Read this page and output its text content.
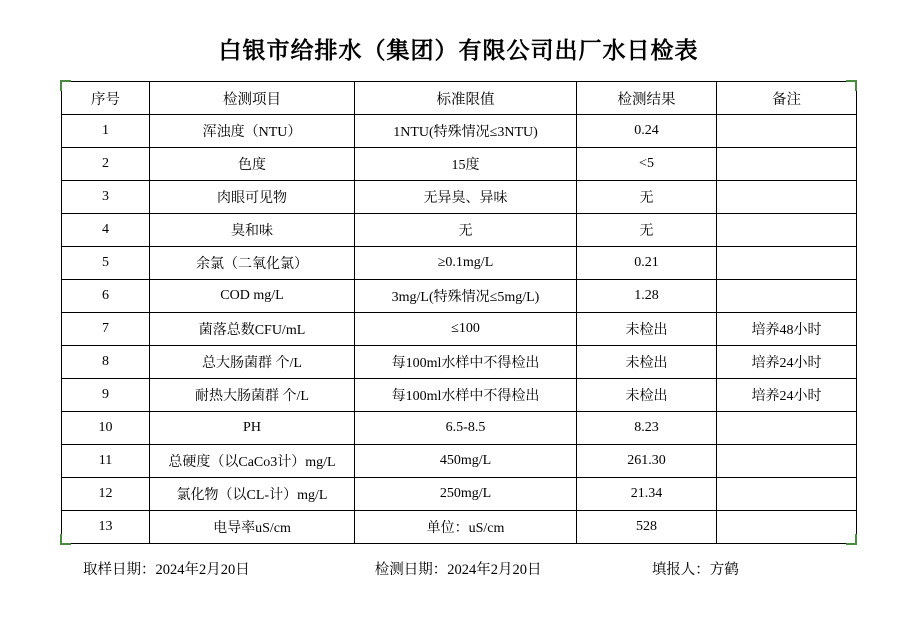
白银市给排水（集团）有限公司出厂水日检表
序号	检测项目	标准限值	检测结果	备注
1	浑浊度（NTU）	1NTU(特殊情况≤3NTU)	0.24	
2	色度	15度	<5	
3	肉眼可见物	无异臭、异味	无	
4	臭和味	无	无	
5	余氯（二氧化氯）	≥0.1mg/L	0.21	
6	COD mg/L	3mg/L(特殊情况≤5mg/L)	1.28	
7	菌落总数CFU/mL	≤100	未检出	培养48小时
8	总大肠菌群 个/L	每100ml水样中不得检出	未检出	培养24小时
9	耐热大肠菌群 个/L	每100ml水样中不得检出	未检出	培养24小时
10	PH	6.5-8.5	8.23	
11	总硬度（以CaCo3计）mg/L	450mg/L	261.30	
12	氯化物（以CL-计）mg/L	250mg/L	21.34	
13	电导率uS/cm	单位：uS/cm	528	
取样日期：2024年2月20日	检测日期：2024年2月20日	填报人：方鹤
